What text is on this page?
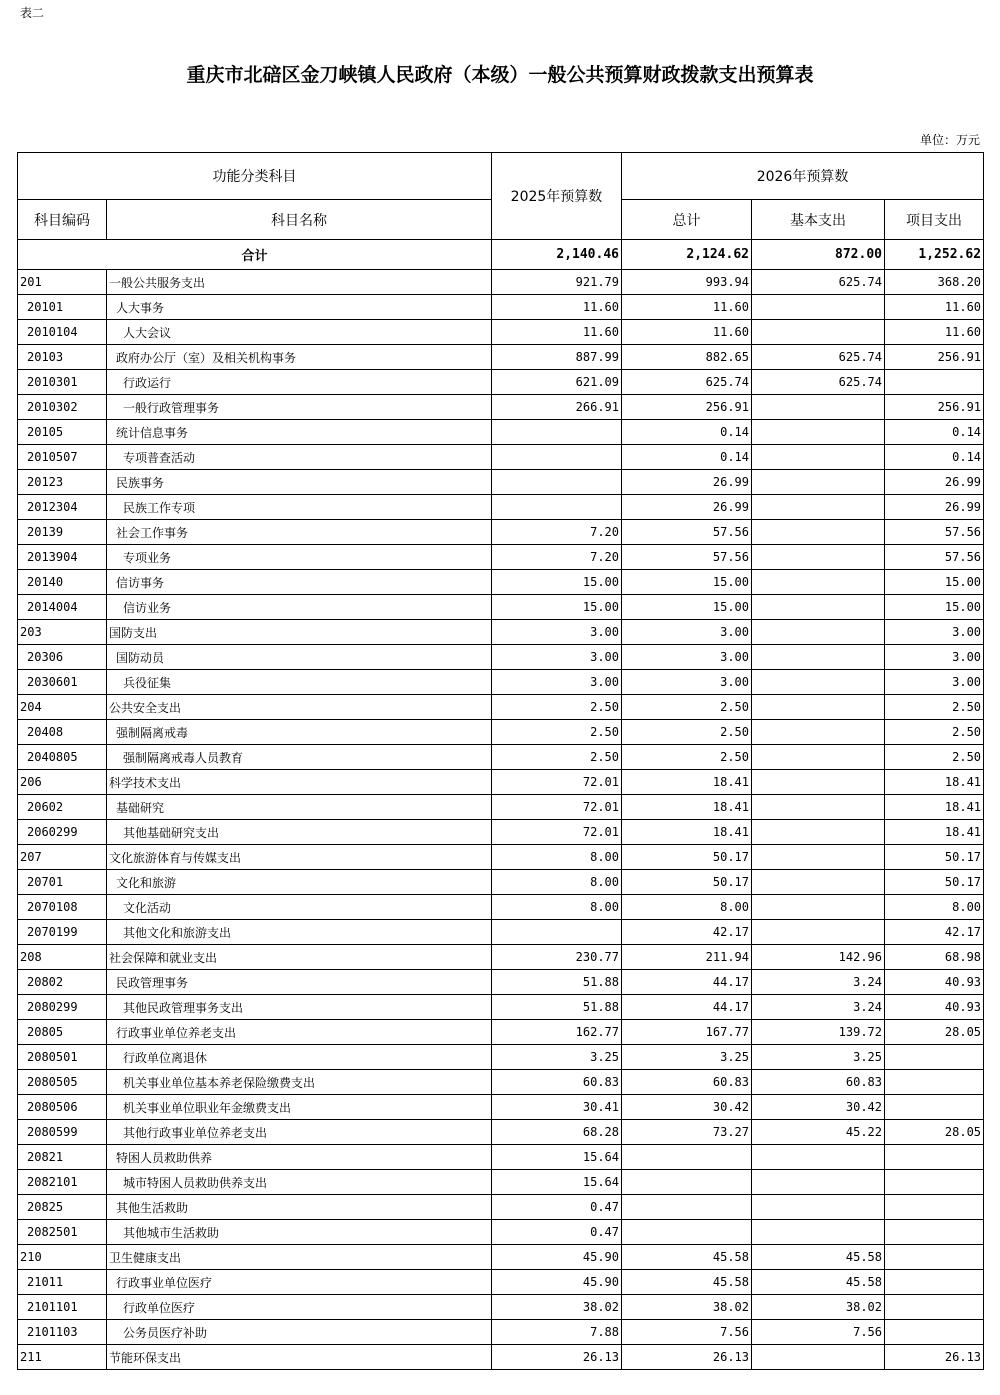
表二
重庆市北碚区金刀峡镇人民政府（本级）一般公共预算财政拨款支出预算表
单位：万元
功能分类科目		2025年预算数	2026年预算数		
科目编码	科目名称		总计	基本支出	项目支出
合计		2,140.46	2,124.62	872.00	1,252.62
201	一般公共服务支出	921.79	993.94	625.74	368.20
20101	人大事务	11.60	11.60		11.60
2010104	人大会议	11.60	11.60		11.60
20103	政府办公厅（室）及相关机构事务	887.99	882.65	625.74	256.91
2010301	行政运行	621.09	625.74	625.74	
2010302	一般行政管理事务	266.91	256.91		256.91
20105	统计信息事务		0.14		0.14
2010507	专项普查活动		0.14		0.14
20123	民族事务		26.99		26.99
2012304	民族工作专项		26.99		26.99
20139	社会工作事务	7.20	57.56		57.56
2013904	专项业务	7.20	57.56		57.56
20140	信访事务	15.00	15.00		15.00
2014004	信访业务	15.00	15.00		15.00
203	国防支出	3.00	3.00		3.00
20306	国防动员	3.00	3.00		3.00
2030601	兵役征集	3.00	3.00		3.00
204	公共安全支出	2.50	2.50		2.50
20408	强制隔离戒毒	2.50	2.50		2.50
2040805	强制隔离戒毒人员教育	2.50	2.50		2.50
206	科学技术支出	72.01	18.41		18.41
20602	基础研究	72.01	18.41		18.41
2060299	其他基础研究支出	72.01	18.41		18.41
207	文化旅游体育与传媒支出	8.00	50.17		50.17
20701	文化和旅游	8.00	50.17		50.17
2070108	文化活动	8.00	8.00		8.00
2070199	其他文化和旅游支出		42.17		42.17
208	社会保障和就业支出	230.77	211.94	142.96	68.98
20802	民政管理事务	51.88	44.17	3.24	40.93
2080299	其他民政管理事务支出	51.88	44.17	3.24	40.93
20805	行政事业单位养老支出	162.77	167.77	139.72	28.05
2080501	行政单位离退休	3.25	3.25	3.25	
2080505	机关事业单位基本养老保险缴费支出	60.83	60.83	60.83	
2080506	机关事业单位职业年金缴费支出	30.41	30.42	30.42	
2080599	其他行政事业单位养老支出	68.28	73.27	45.22	28.05
20821	特困人员救助供养	15.64			
2082101	城市特困人员救助供养支出	15.64			
20825	其他生活救助	0.47			
2082501	其他城市生活救助	0.47			
210	卫生健康支出	45.90	45.58	45.58	
21011	行政事业单位医疗	45.90	45.58	45.58	
2101101	行政单位医疗	38.02	38.02	38.02	
2101103	公务员医疗补助	7.88	7.56	7.56	
211	节能环保支出	26.13	26.13		26.13
